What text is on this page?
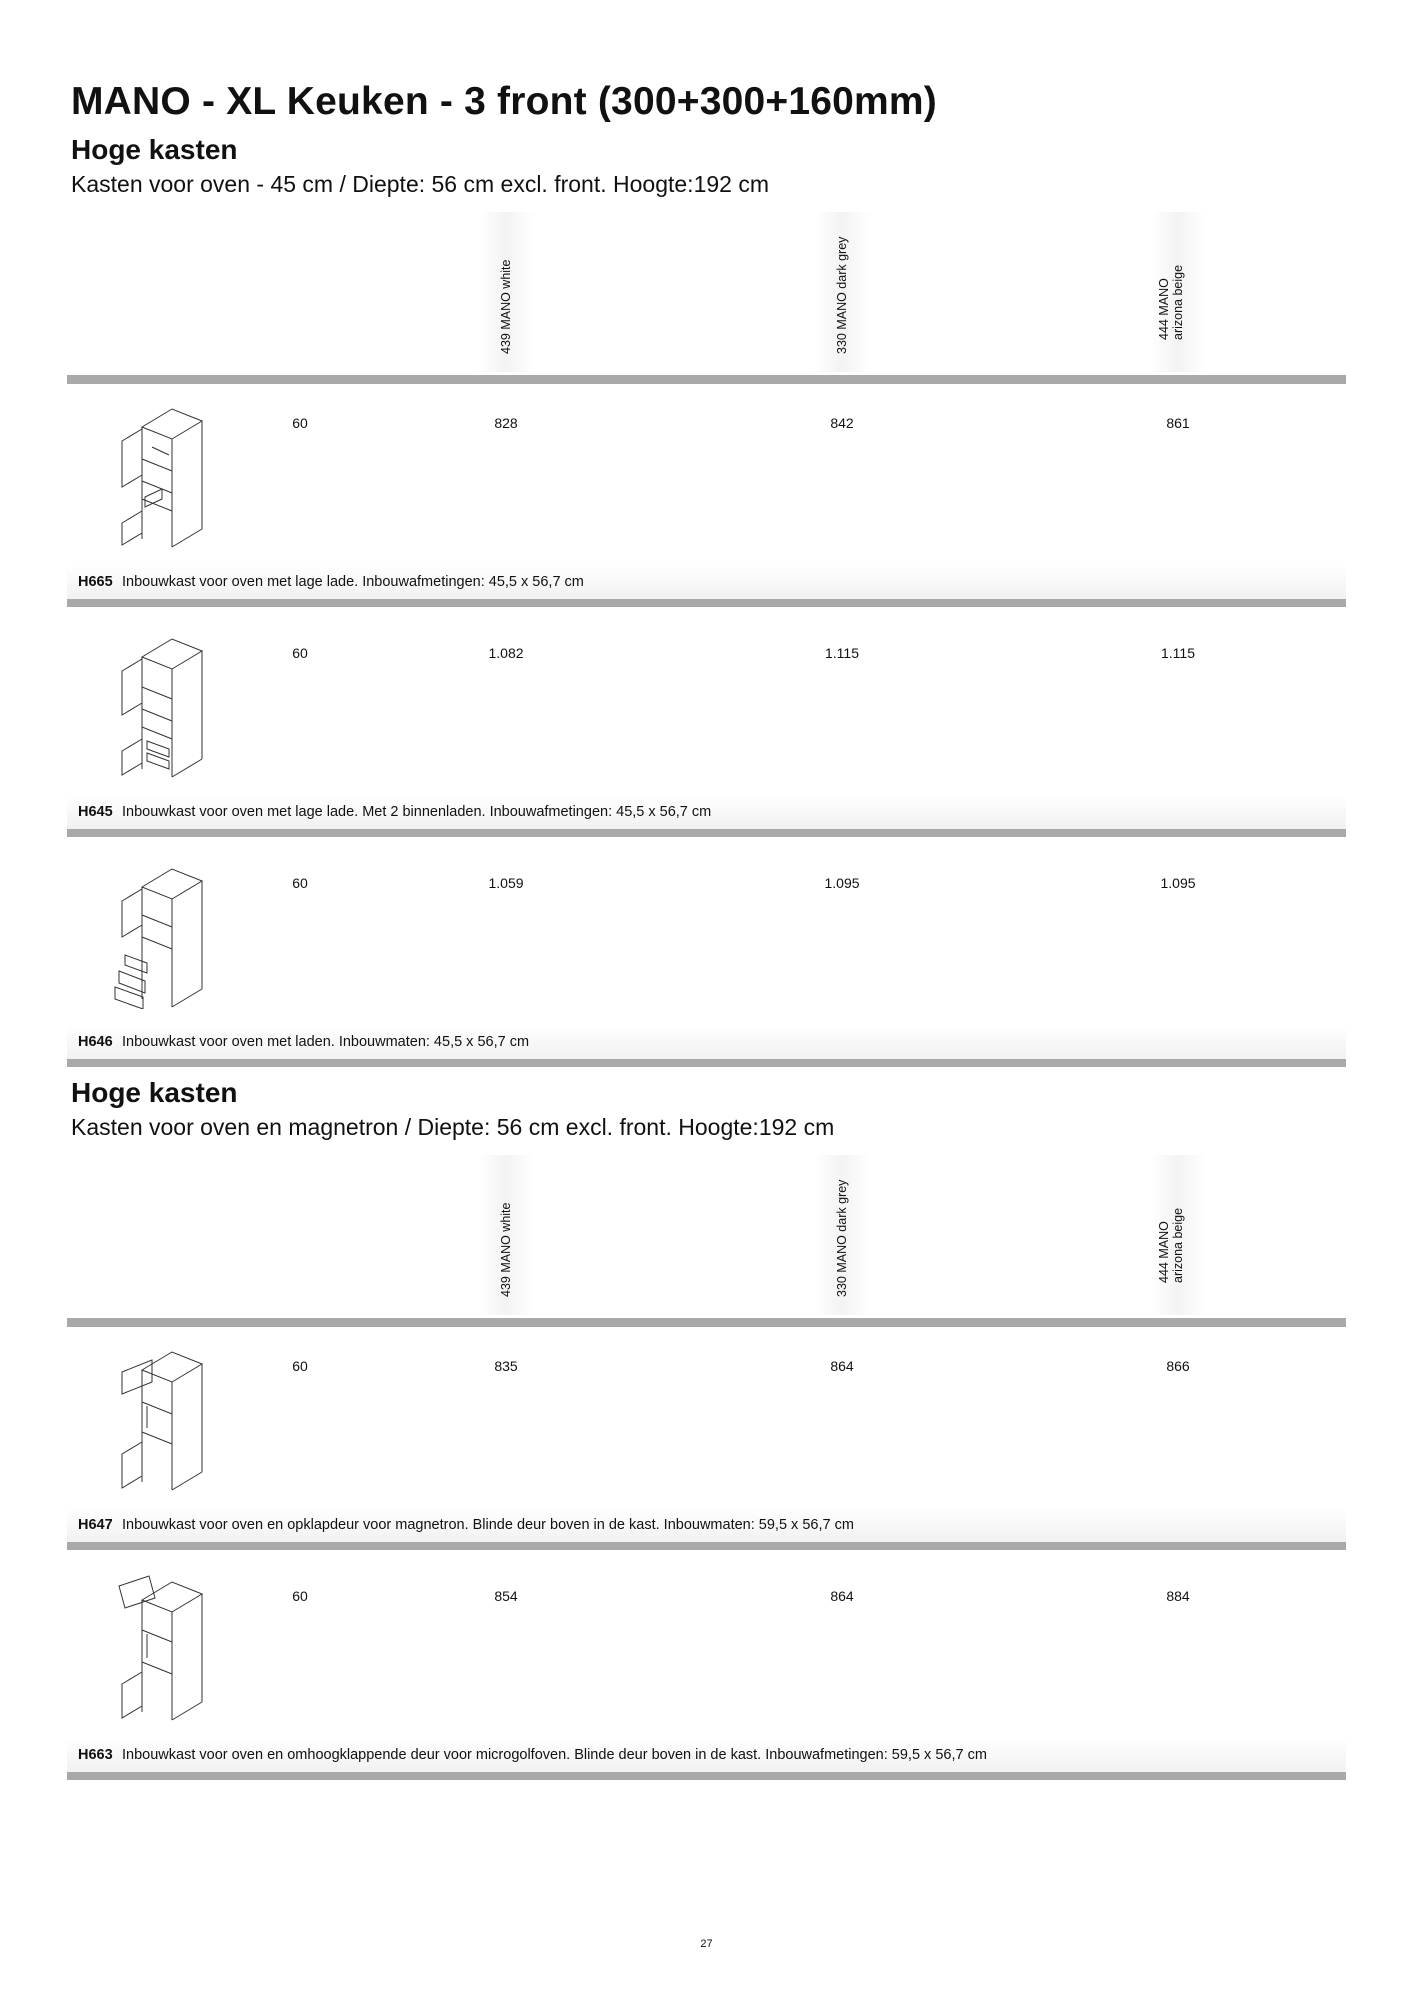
MANO - XL Keuken - 3 front (300+300+160mm)
Hoge kasten
Kasten voor oven - 45 cm / Diepte: 56 cm excl. front. Hoogte:192 cm
439 MANO white	330 MANO dark grey	444 MANO
arizona beige
60	828	842	861
H665 Inbouwkast voor oven met lage lade. Inbouwafmetingen: 45,5 x 56,7 cm
60	1.082	1.115	1.115
H645 Inbouwkast voor oven met lage lade. Met 2 binnenladen. Inbouwafmetingen: 45,5 x 56,7 cm
60	1.059	1.095	1.095
H646 Inbouwkast voor oven met laden. Inbouwmaten: 45,5 x 56,7 cm
Hoge kasten
Kasten voor oven en magnetron / Diepte: 56 cm excl. front. Hoogte:192 cm
439 MANO white	330 MANO dark grey	444 MANO
arizona beige
60	835	864	866
H647 Inbouwkast voor oven en opklapdeur voor magnetron. Blinde deur boven in de kast. Inbouwmaten: 59,5 x 56,7 cm
60	854	864	884
H663 Inbouwkast voor oven en omhoogklappende deur voor microgolfoven. Blinde deur boven in de kast. Inbouwafmetingen: 59,5 x 56,7 cm
27
